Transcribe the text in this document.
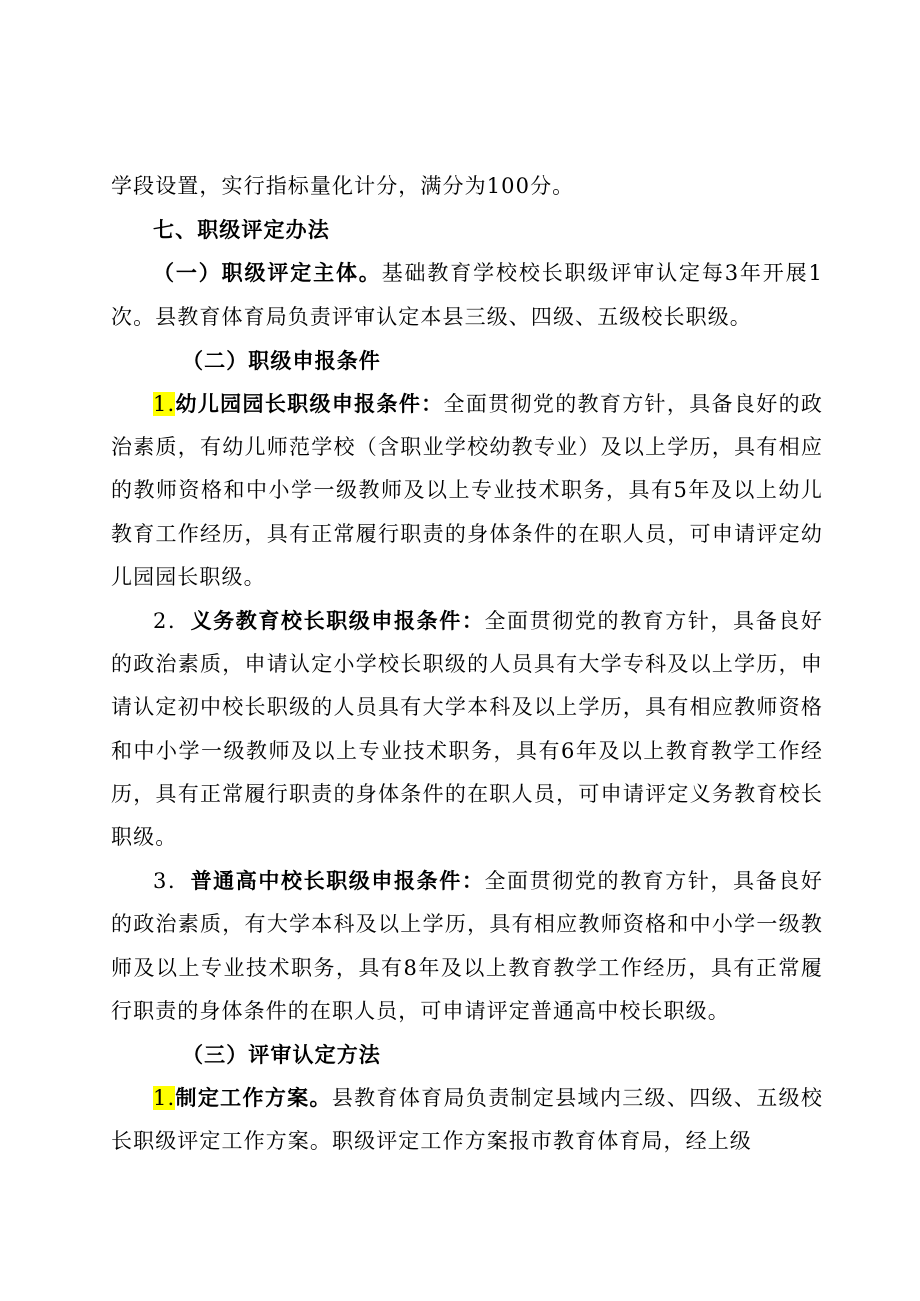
学段设置，实行指标量化计分，满分为100分。

七、职级评定办法

（一）职级评定主体。基础教育学校校长职级评审认定每3年开展1次。县教育体育局负责评审认定本县三级、四级、五级校长职级。

（二）职级申报条件

1.幼儿园园长职级申报条件：全面贯彻党的教育方针，具备良好的政治素质，有幼儿师范学校（含职业学校幼教专业）及以上学历，具有相应的教师资格和中小学一级教师及以上专业技术职务，具有5年及以上幼儿教育工作经历，具有正常履行职责的身体条件的在职人员，可申请评定幼儿园园长职级。

2．义务教育校长职级申报条件：全面贯彻党的教育方针，具备良好的政治素质，申请认定小学校长职级的人员具有大学专科及以上学历，申请认定初中校长职级的人员具有大学本科及以上学历，具有相应教师资格和中小学一级教师及以上专业技术职务，具有6年及以上教育教学工作经历，具有正常履行职责的身体条件的在职人员，可申请评定义务教育校长职级。

3．普通高中校长职级申报条件：全面贯彻党的教育方针，具备良好的政治素质，有大学本科及以上学历，具有相应教师资格和中小学一级教师及以上专业技术职务，具有8年及以上教育教学工作经历，具有正常履行职责的身体条件的在职人员，可申请评定普通高中校长职级。

（三）评审认定方法

1.制定工作方案。县教育体育局负责制定县域内三级、四级、五级校长职级评定工作方案。职级评定工作方案报市教育体育局，经上级
